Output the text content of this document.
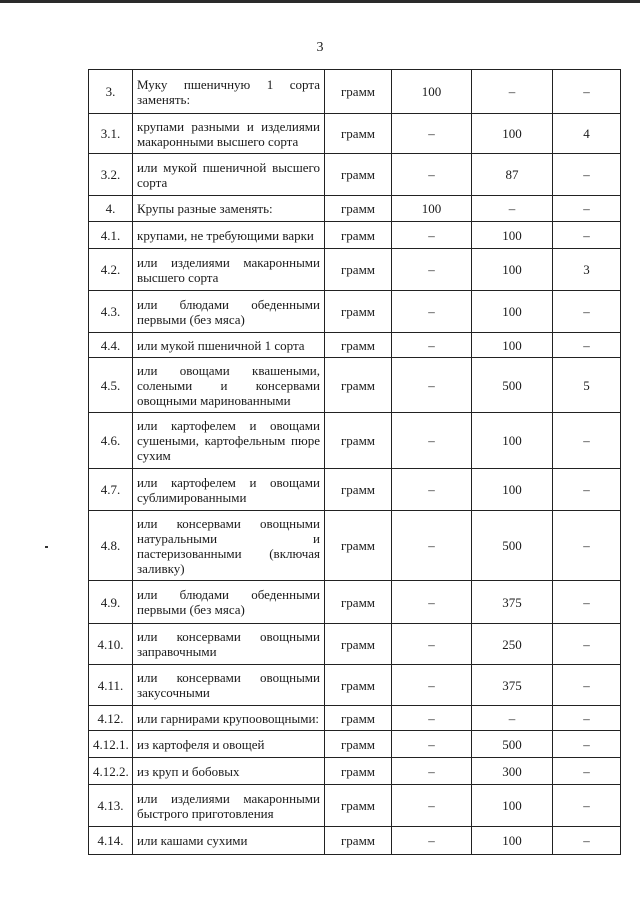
3
3.	Муку пшеничную 1 сорта заменять:	грамм	100	–	–
3.1.	крупами разными и изделиями макаронными высшего сорта	грамм	–	100	4
3.2.	или мукой пшеничной высшего сорта	грамм	–	87	–
4.	Крупы разные заменять:	грамм	100	–	–
4.1.	крупами, не требующими варки	грамм	–	100	–
4.2.	или изделиями макаронными высшего сорта	грамм	–	100	3
4.3.	или блюдами обеденными первыми (без мяса)	грамм	–	100	–
4.4.	или мукой пшеничной 1 сорта	грамм	–	100	–
4.5.	или овощами квашеными, солеными и консервами овощными маринованными	грамм	–	500	5
4.6.	или картофелем и овощами сушеными, картофельным пюре сухим	грамм	–	100	–
4.7.	или картофелем и овощами сублимированными	грамм	–	100	–
4.8.	или консервами овощными натуральными и пастеризованными (включая заливку)	грамм	–	500	–
4.9.	или блюдами обеденными первыми (без мяса)	грамм	–	375	–
4.10.	или консервами овощными заправочными	грамм	–	250	–
4.11.	или консервами овощными закусочными	грамм	–	375	–
4.12.	или гарнирами крупоовощными:	грамм	–	–	–
4.12.1.	из картофеля и овощей	грамм	–	500	–
4.12.2.	из круп и бобовых	грамм	–	300	–
4.13.	или изделиями макаронными быстрого приготовления	грамм	–	100	–
4.14.	или кашами сухими	грамм	–	100	–
